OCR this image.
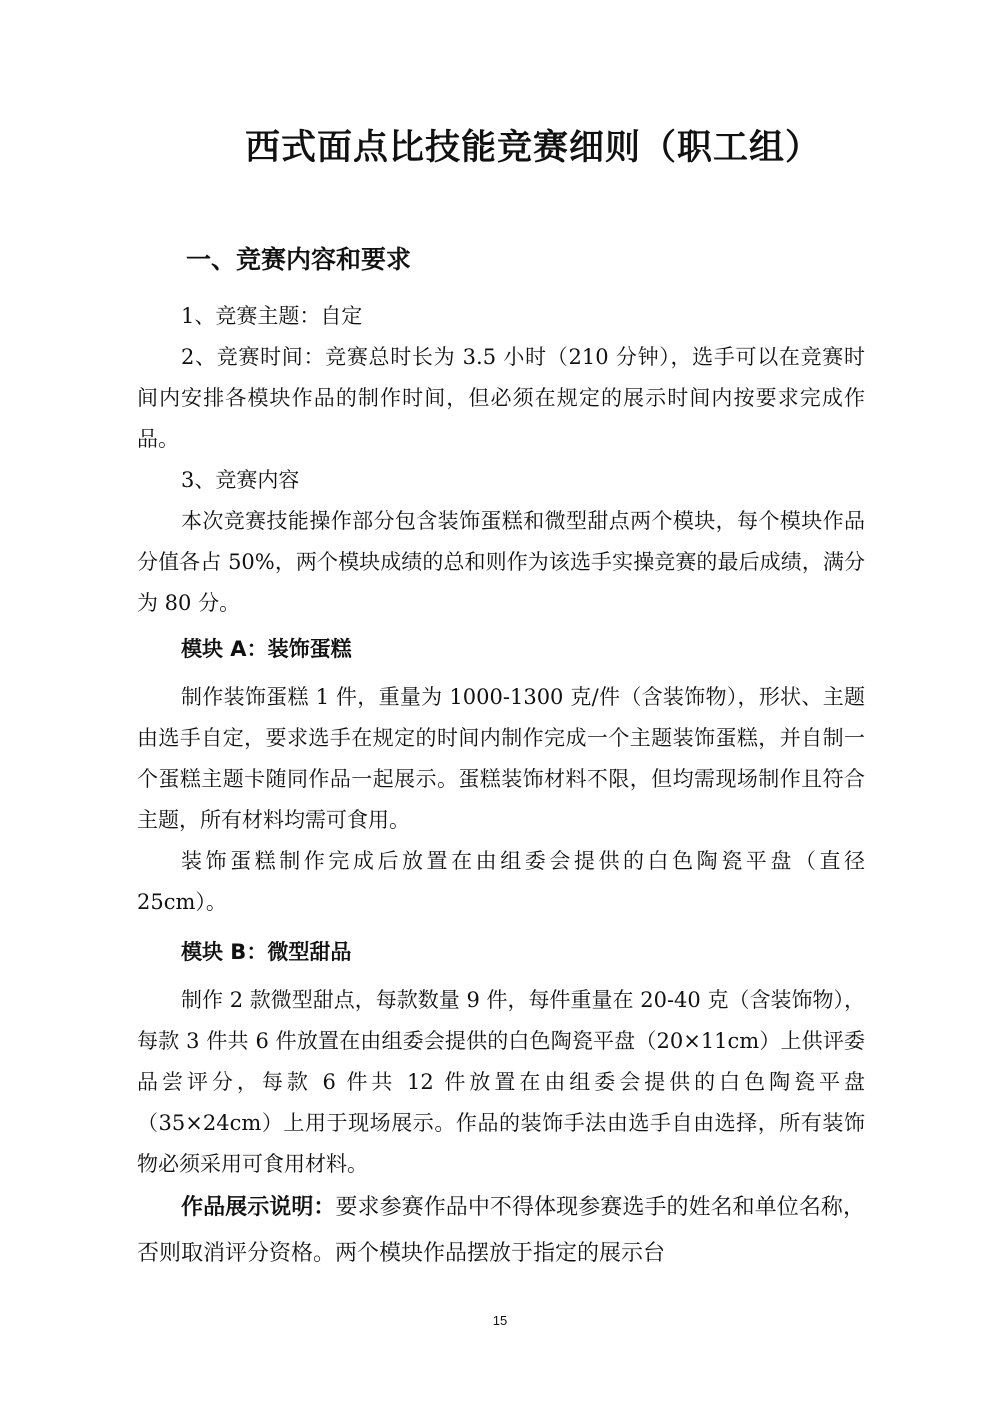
西式面点比技能竞赛细则（职工组）
一、竞赛内容和要求

1、竞赛主题：自定

2、竞赛时间：竞赛总时长为 3.5 小时（210 分钟），选手可以在竞赛时间内安排各模块作品的制作时间，但必须在规定的展示时间内按要求完成作品。

3、竞赛内容

本次竞赛技能操作部分包含装饰蛋糕和微型甜点两个模块，每个模块作品分值各占 50%，两个模块成绩的总和则作为该选手实操竞赛的最后成绩，满分为 80 分。

模块 A：装饰蛋糕

制作装饰蛋糕 1 件，重量为 1000-1300 克/件（含装饰物），形状、主题由选手自定，要求选手在规定的时间内制作完成一个主题装饰蛋糕，并自制一个蛋糕主题卡随同作品一起展示。蛋糕装饰材料不限，但均需现场制作且符合主题，所有材料均需可食用。

装饰蛋糕制作完成后放置在由组委会提供的白色陶瓷平盘（直径 25cm）。

模块 B：微型甜品

制作 2 款微型甜点，每款数量 9 件，每件重量在 20-40 克（含装饰物），每款 3 件共 6 件放置在由组委会提供的白色陶瓷平盘（20×11cm）上供评委品尝评分，每款 6 件共 12 件放置在由组委会提供的白色陶瓷平盘（35×24cm）上用于现场展示。作品的装饰手法由选手自由选择，所有装饰物必须采用可食用材料。

作品展示说明：要求参赛作品中不得体现参赛选手的姓名和单位名称，否则取消评分资格。两个模块作品摆放于指定的展示台

15
